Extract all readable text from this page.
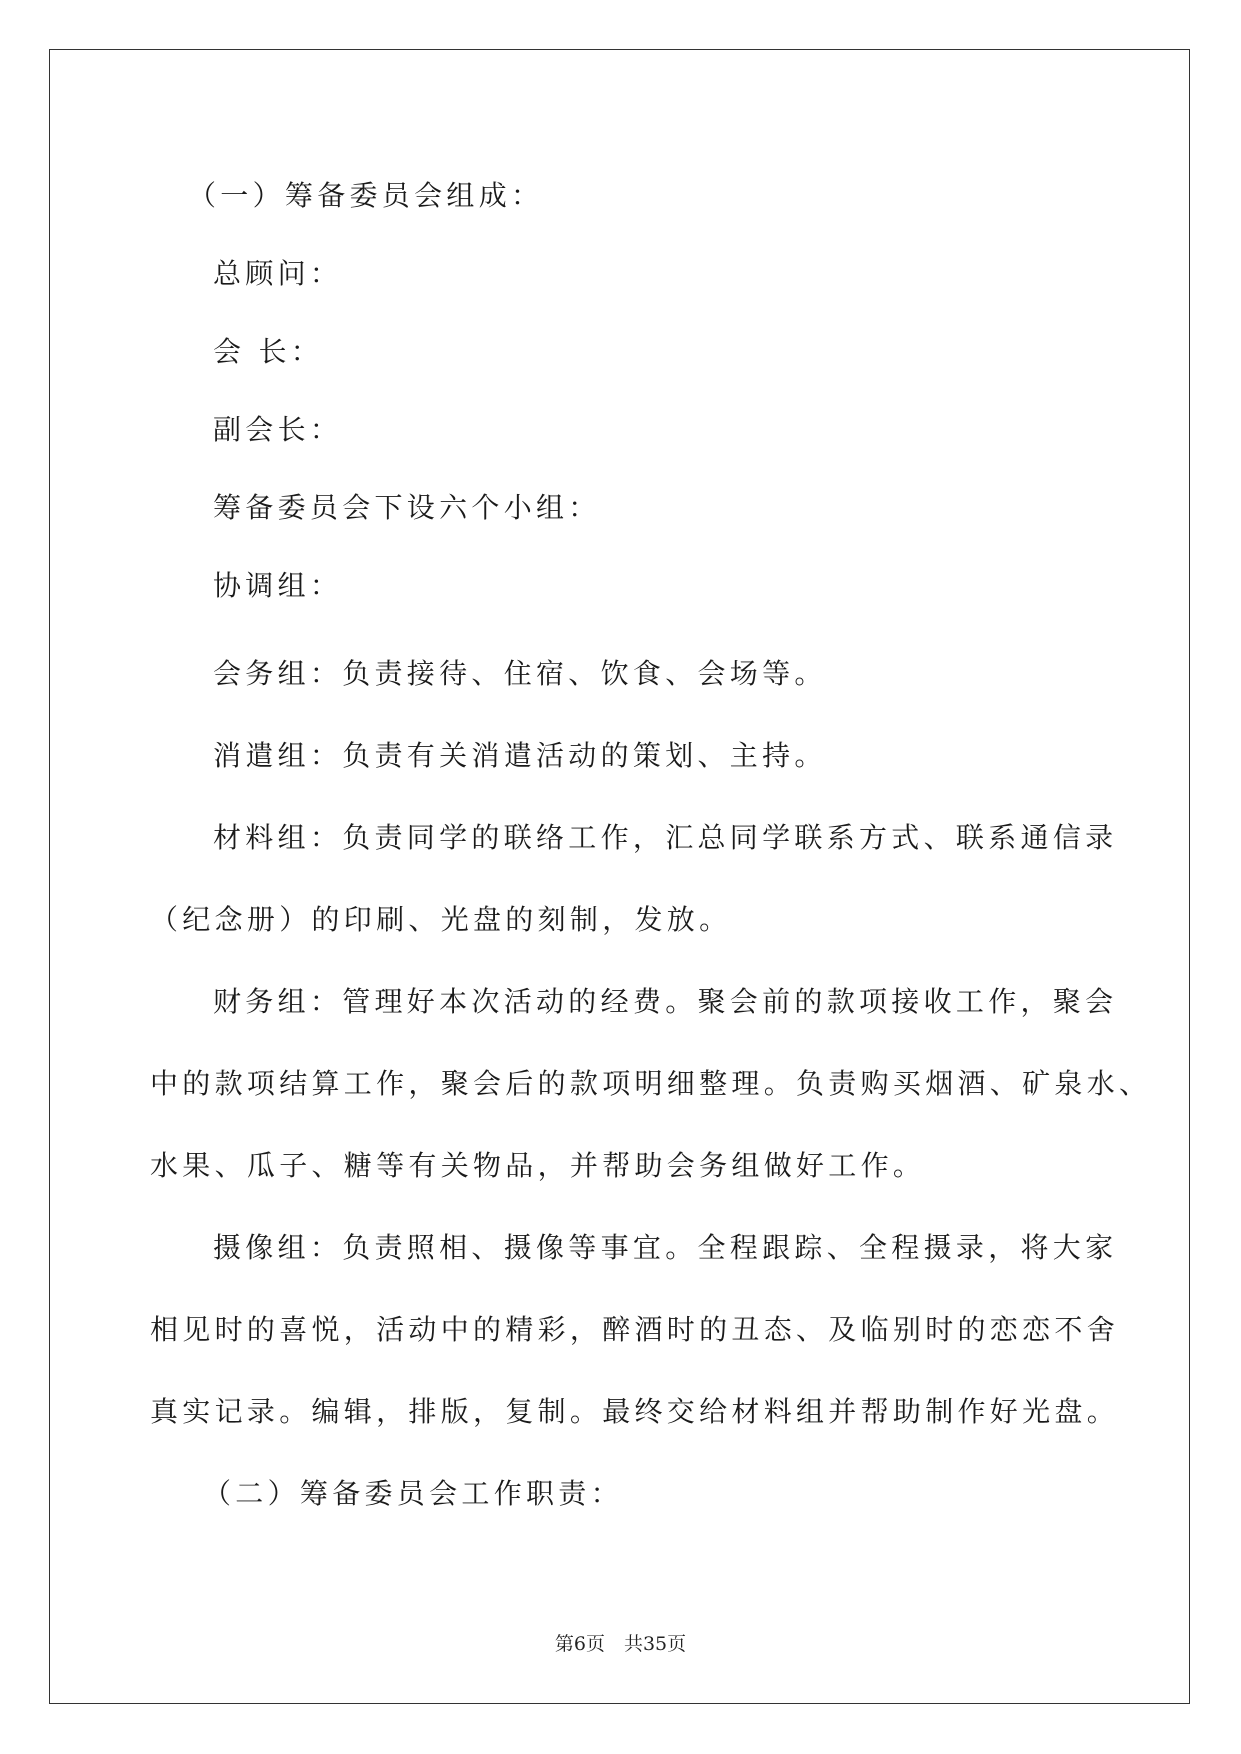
（一）筹备委员会组成：

总顾问：

会 长：

副会长：

筹备委员会下设六个小组：

协调组：

会务组：负责接待、住宿、饮食、会场等。

消遣组：负责有关消遣活动的策划、主持。

材料组：负责同学的联络工作，汇总同学联系方式、联系通信录

（纪念册）的印刷、光盘的刻制，发放。

财务组：管理好本次活动的经费。聚会前的款项接收工作，聚会

中的款项结算工作，聚会后的款项明细整理。负责购买烟酒、矿泉水、

水果、瓜子、糖等有关物品，并帮助会务组做好工作。

摄像组：负责照相、摄像等事宜。全程跟踪、全程摄录，将大家

相见时的喜悦，活动中的精彩，醉酒时的丑态、及临别时的恋恋不舍

真实记录。编辑，排版，复制。最终交给材料组并帮助制作好光盘。

（二）筹备委员会工作职责：

第6页　共35页
